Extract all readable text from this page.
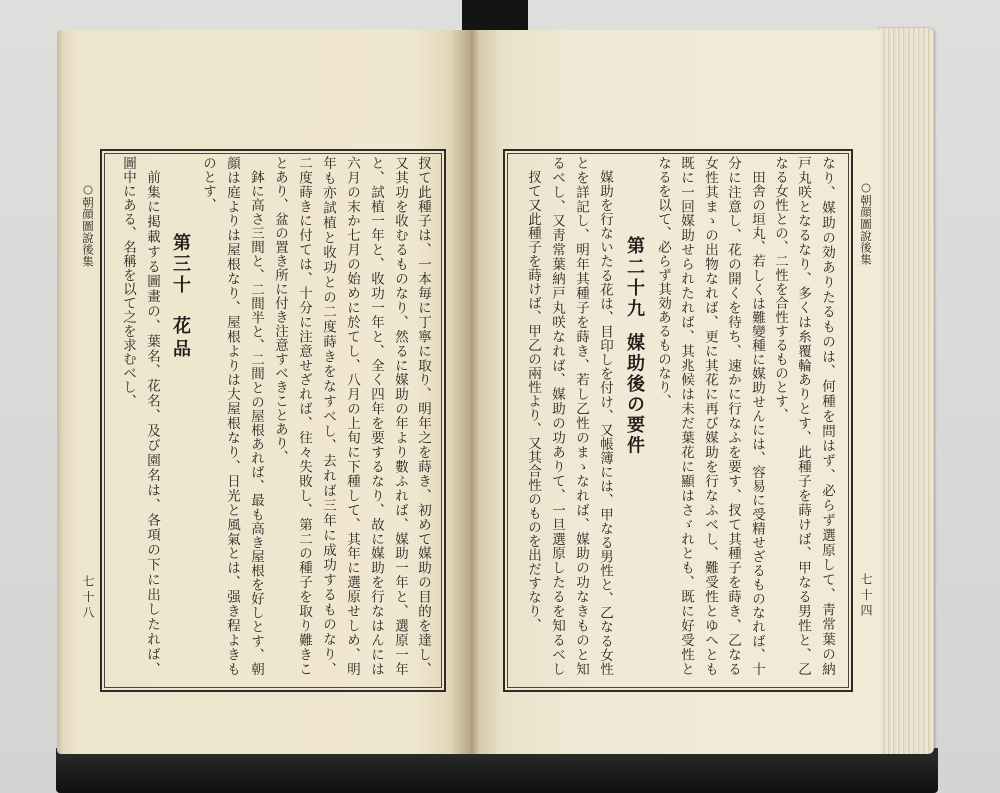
○朝顔圖說後集
七十八	扠て此種子は、一本毎に丁寧に取り、明年之を蒔き、初めて媒助の目的を達し、
又其功を收むるものなり、然るに媒助の年より數ふれば、媒助一年と、選原一年
と、試植一年と、收功一年と、全く四年を要するなり、故に媒助を行なはんには
六月の末か七月の始めに於てし、八月の上旬に下種して、其年に選原せしめ、明
年も亦試植と收功との二度蒔きをなすべし、去れば三年に成功するものなり、
二度蒔きに付ては、十分に注意せざれば、往々失敗し、第二の種子を取り難きこ
とあり、盆の置き所に付き注意すべきことあり、
鉢に高さ三間と、二間半と、二間との屋根あれば、最も高き屋根を好しとす、朝
顔は庭よりは屋根なり、屋根よりは大屋根なり、日光と風氣とは、强き程よきも
のとす、
第三十
花品
前集に掲載する圖畫の、葉名、花名、及び園名は、各項の下に出したれば、
圖中にある、名稱を以て之を求むべし、	○朝顔圖說後集
七十四
なり、媒助の効ありたるものは、何種を問はず、必らず選原して、靑常葉の納
戸丸咲となるなり、多くは糸覆輪ありとす、此種子を蒔けば、甲なる男性と、乙
なる女性との、二性を合性するものとす、
田舎の垣丸、若しくは難變種に媒助せんには、容易に受精せざるものなれば、十
分に注意し、花の開くを待ち、速かに行なふを要す、扠て其種子を蒔き、乙なる
女性其まゝの出物なれば、更に其花に再び媒助を行なふべし、難受性とゆへとも
既に一回媒助せられたれば、其兆候は未だ葉花に顯はさゞれとも、既に好受性と
なるを以て、必らず其効あるものなり、
第二十九
媒助後の要件
媒助を行ないたる花は、目印しを付け、又帳簿には、甲なる男性と、乙なる女性
とを詳記し、明年其種子を蒔き、若し乙性のまゝなれば、媒助の功なきものと知
るべし、又靑常葉納戸丸咲なれば、媒助の功ありて、一旦選原したるを知るべし
扠て又此種子を蒔けば、甲乙の兩性より、又其合性のものを出だすなり、
